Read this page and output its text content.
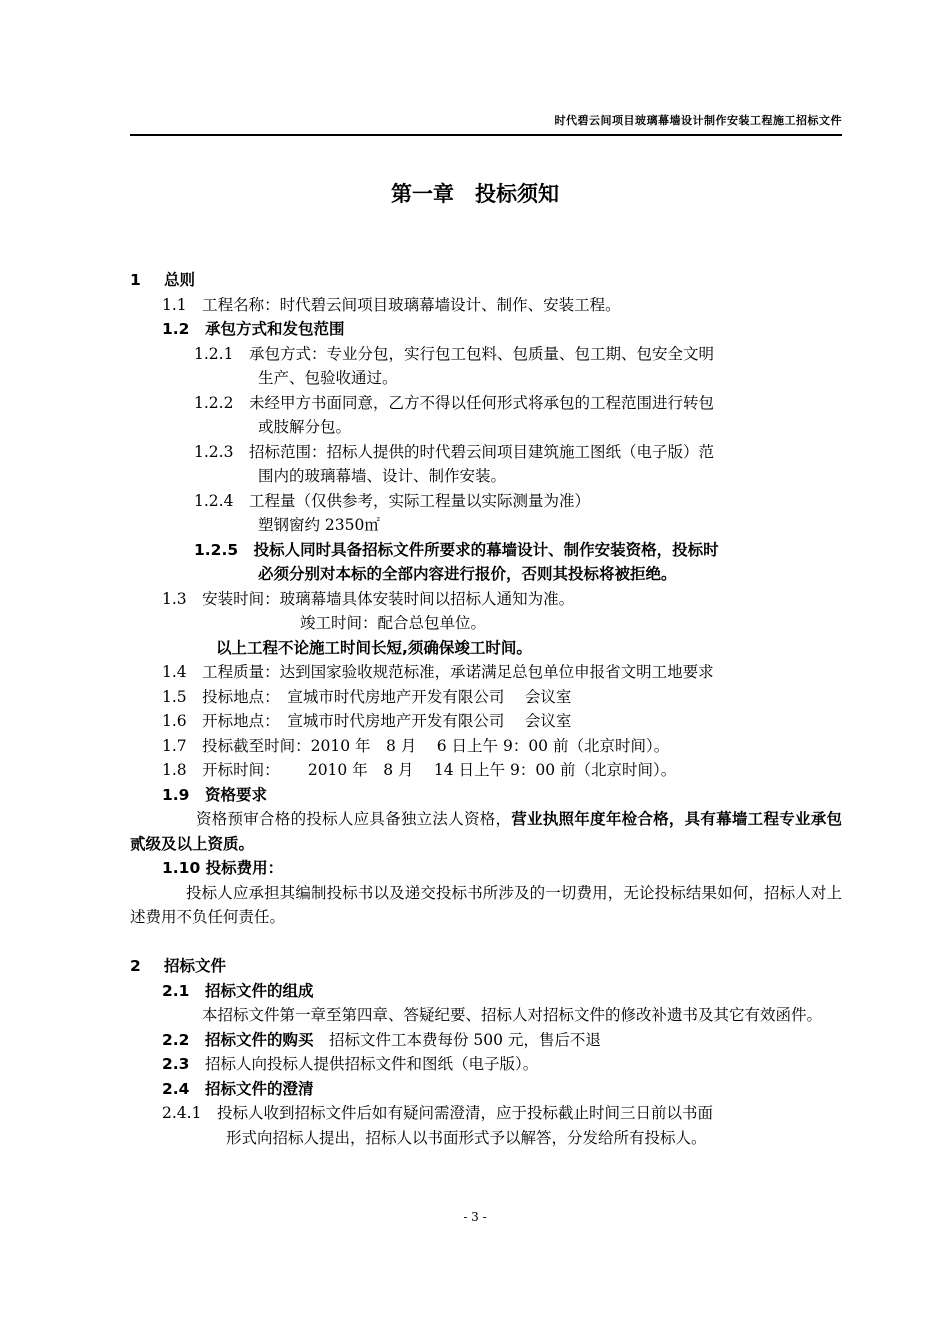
时代碧云间项目玻璃幕墙设计制作安装工程施工招标文件
第一章　投标须知
1 总则
1.1　工程名称：时代碧云间项目玻璃幕墙设计、制作、安装工程。
1.2　承包方式和发包范围
1.2.1　承包方式：专业分包，实行包工包料、包质量、包工期、包安全文明
生产、包验收通过。
1.2.2　未经甲方书面同意，乙方不得以任何形式将承包的工程范围进行转包
或肢解分包。
1.2.3　招标范围：招标人提供的时代碧云间项目建筑施工图纸（电子版）范
围内的玻璃幕墙、设计、制作安装。
1.2.4　工程量（仅供参考，实际工程量以实际测量为准）
塑钢窗约 2350㎡
1.2.5　投标人同时具备招标文件所要求的幕墙设计、制作安装资格，投标时
必须分别对本标的全部内容进行报价，否则其投标将被拒绝。
1.3　安装时间：玻璃幕墙具体安装时间以招标人通知为准。
竣工时间：配合总包单位。
以上工程不论施工时间长短,须确保竣工时间。
1.4　工程质量：达到国家验收规范标准，承诺满足总包单位申报省文明工地要求
1.5　投标地点：　宣城市时代房地产开发有限公司　 会议室
1.6　开标地点：　宣城市时代房地产开发有限公司　 会议室
1.7　投标截至时间：2010 年　8 月　 6 日上午 9：00 前（北京时间）。
1.8　开标时间：　　 2010 年　8 月　 14 日上午 9：00 前（北京时间）。
1.9　资格要求
资格预审合格的投标人应具备独立法人资格，营业执照年度年检合格，具有幕墙工程专业承包贰级及以上资质。
1.10 投标费用：
投标人应承担其编制投标书以及递交投标书所涉及的一切费用，无论投标结果如何，招标人对上述费用不负任何责任。
2 招标文件
2.1　招标文件的组成
本招标文件第一章至第四章、答疑纪要、招标人对招标文件的修改补遗书及其它有效函件。
2.2　招标文件的购买　招标文件工本费每份 500 元，售后不退
2.3　招标人向投标人提供招标文件和图纸（电子版）。
2.4　招标文件的澄清
2.4.1　投标人收到招标文件后如有疑问需澄清，应于投标截止时间三日前以书面
形式向招标人提出，招标人以书面形式予以解答，分发给所有投标人。
- 3 -
